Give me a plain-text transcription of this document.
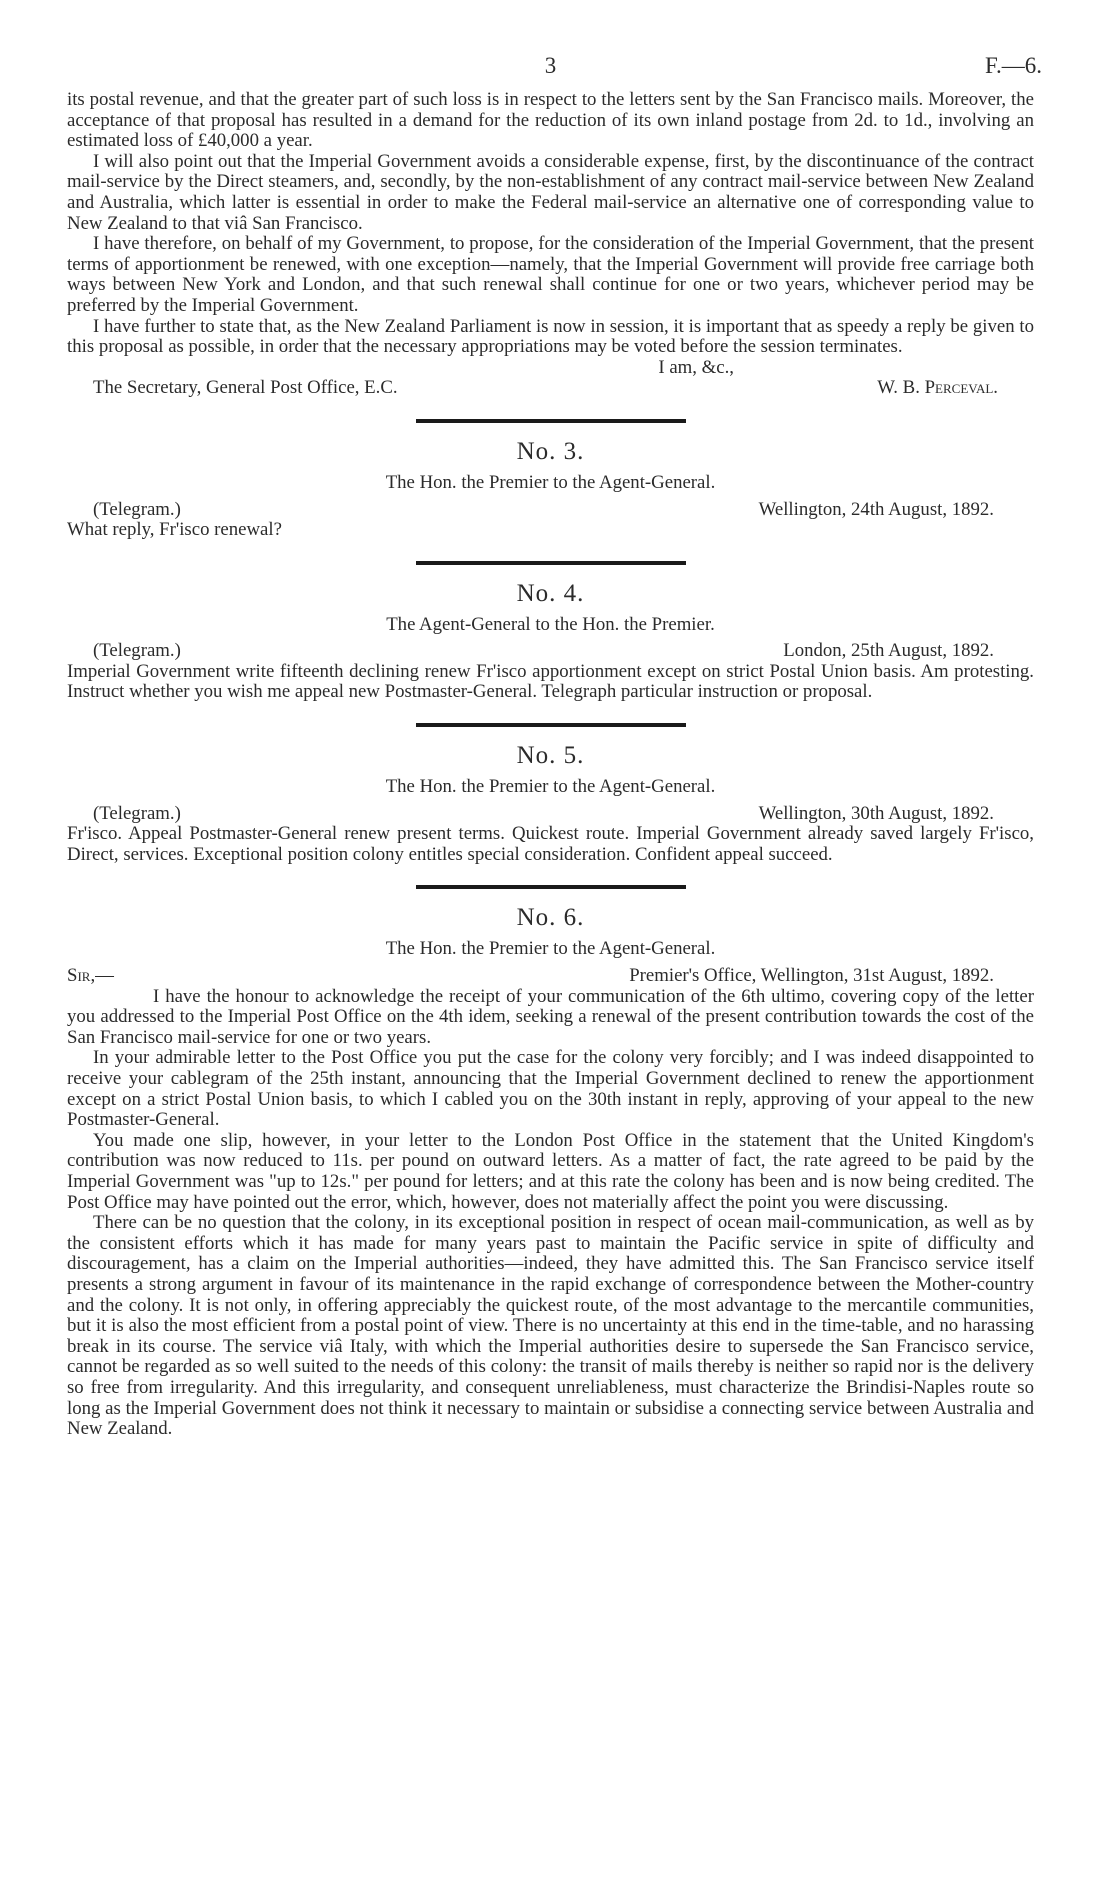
3	F.—6.

its postal revenue, and that the greater part of such loss is in respect to the letters sent by the San Francisco mails. Moreover, the acceptance of that proposal has resulted in a demand for the reduction of its own inland postage from 2d. to 1d., involving an estimated loss of £40,000 a year.

I will also point out that the Imperial Government avoids a considerable expense, first, by the discontinuance of the contract mail-service by the Direct steamers, and, secondly, by the non-establishment of any contract mail-service between New Zealand and Australia, which latter is essential in order to make the Federal mail-service an alternative one of corresponding value to New Zealand to that viâ San Francisco.

I have therefore, on behalf of my Government, to propose, for the consideration of the Imperial Government, that the present terms of apportionment be renewed, with one exception—namely, that the Imperial Government will provide free carriage both ways between New York and London, and that such renewal shall continue for one or two years, whichever period may be preferred by the Imperial Government.

I have further to state that, as the New Zealand Parliament is now in session, it is important that as speedy a reply be given to this proposal as possible, in order that the necessary appropriations may be voted before the session terminates.

I am, &c.,
The Secretary, General Post Office, E.C.	W. B. Perceval.
No. 3.
The Hon. the Premier to the Agent-General.
(Telegram.)	Wellington, 24th August, 1892.

What reply, Fr'isco renewal?

No. 4.
The Agent-General to the Hon. the Premier.
(Telegram.)	London, 25th August, 1892.

Imperial Government write fifteenth declining renew Fr'isco apportionment except on strict Postal Union basis. Am protesting. Instruct whether you wish me appeal new Postmaster-General. Telegraph particular instruction or proposal.

No. 5.
The Hon. the Premier to the Agent-General.
(Telegram.)	Wellington, 30th August, 1892.

Fr'isco. Appeal Postmaster-General renew present terms. Quickest route. Imperial Government already saved largely Fr'isco, Direct, services. Exceptional position colony entitles special consideration. Confident appeal succeed.

No. 6.
The Hon. the Premier to the Agent-General.
Sir,—	Premier's Office, Wellington, 31st August, 1892.

I have the honour to acknowledge the receipt of your communication of the 6th ultimo, covering copy of the letter you addressed to the Imperial Post Office on the 4th idem, seeking a renewal of the present contribution towards the cost of the San Francisco mail-service for one or two years.

In your admirable letter to the Post Office you put the case for the colony very forcibly; and I was indeed disappointed to receive your cablegram of the 25th instant, announcing that the Imperial Government declined to renew the apportionment except on a strict Postal Union basis, to which I cabled you on the 30th instant in reply, approving of your appeal to the new Postmaster-General.

You made one slip, however, in your letter to the London Post Office in the statement that the United Kingdom's contribution was now reduced to 11s. per pound on outward letters. As a matter of fact, the rate agreed to be paid by the Imperial Government was "up to 12s." per pound for letters; and at this rate the colony has been and is now being credited. The Post Office may have pointed out the error, which, however, does not materially affect the point you were discussing.

There can be no question that the colony, in its exceptional position in respect of ocean mail-communication, as well as by the consistent efforts which it has made for many years past to maintain the Pacific service in spite of difficulty and discouragement, has a claim on the Imperial authorities—indeed, they have admitted this. The San Francisco service itself presents a strong argument in favour of its maintenance in the rapid exchange of correspondence between the Mother-country and the colony. It is not only, in offering appreciably the quickest route, of the most advantage to the mercantile communities, but it is also the most efficient from a postal point of view. There is no uncertainty at this end in the time-table, and no harassing break in its course. The service viâ Italy, with which the Imperial authorities desire to supersede the San Francisco service, cannot be regarded as so well suited to the needs of this colony: the transit of mails thereby is neither so rapid nor is the delivery so free from irregularity. And this irregularity, and consequent unreliableness, must characterize the Brindisi-Naples route so long as the Imperial Government does not think it necessary to maintain or subsidise a connecting service between Australia and New Zealand.
